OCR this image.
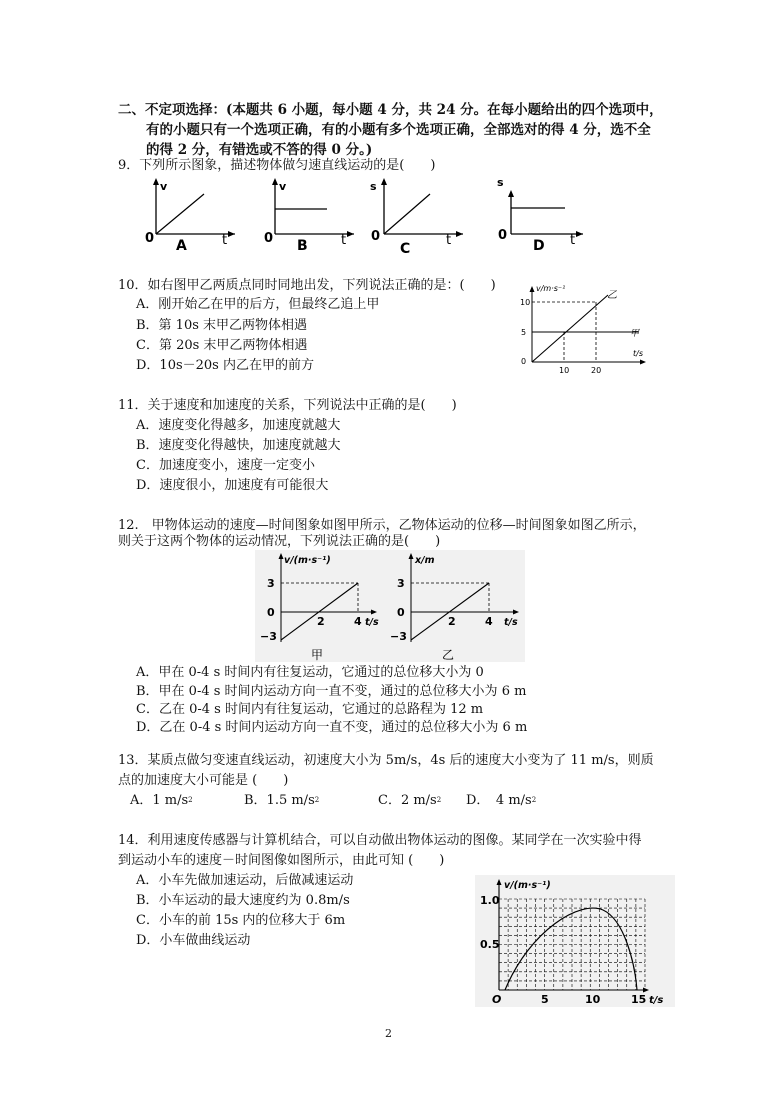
二、不定项选择：(本题共 6 小题，每小题 4 分，共 24 分。在每小题给出的四个选项中，
有的小题只有一个选项正确，有的小题有多个选项正确，全部选对的得 4 分，选不全
的得 2 分，有错选或不答的得 0 分。)
9．下列所示图象，描述物体做匀速直线运动的是(　　)
v
0	t
A
v
0	t
B
s
0	t
C
s
0	t
D
10．如右图甲乙两质点同时同地出发，下列说法正确的是：(　　)
A．刚开始乙在甲的后方，但最终乙追上甲
B．第 10s 末甲乙两物体相遇
C．第 20s 末甲乙两物体相遇
D．10s－20s 内乙在甲的前方
v/m·s⁻¹
t/s
10
5
0
10	20
乙
甲
11．关于速度和加速度的关系，下列说法中正确的是(　　)
A．速度变化得越多，加速度就越大
B．速度变化得越快，加速度就越大
C．加速度变小，速度一定变小
D．速度很小，加速度有可能很大
12.　甲物体运动的速度—时间图象如图甲所示，乙物体运动的位移—时间图象如图乙所示，
则关于这两个物体的运动情况，下列说法正确的是(　　)
v/(m·s⁻¹)
3
0
−3
2	4 t/s
甲
x/m
3
0
−3
2	4 t/s
乙
A．甲在 0-4 s 时间内有往复运动，它通过的总位移大小为 0
B．甲在 0-4 s 时间内运动方向一直不变，通过的总位移大小为 6 m
C．乙在 0-4 s 时间内有往复运动，它通过的总路程为 12 m
D．乙在 0-4 s 时间内运动方向一直不变，通过的总位移大小为 6 m
13．某质点做匀变速直线运动，初速度大小为 5m/s，4s 后的速度大小变为了 11 m/s，则质
点的加速度大小可能是 (　　)
A．1 $m/s^2$	B．1.5 $m/s^2$	C．2 $m/s^2$ D．　4 $m/s^2$
14．利用速度传感器与计算机结合，可以自动做出物体运动的图像。某同学在一次实验中得
到运动小车的速度－时间图像如图所示，由此可知 (　　)
A．小车先做加速运动，后做减速运动
B．小车运动的最大速度约为 0.8m/s
C．小车的前 15s 内的位移大于 6m
D．小车做曲线运动
v/(m·s⁻¹)
1.0
0.5
O	5	10	15 t/s
2
